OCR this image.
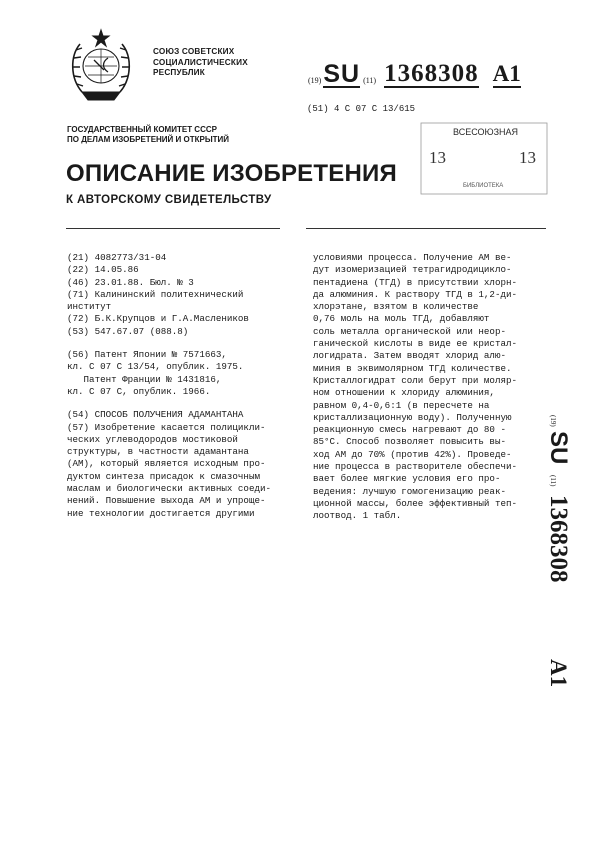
СОЮЗ СОВЕТСКИХ
СОЦИАЛИСТИЧЕСКИХ
РЕСПУБЛИК
(19) SU (11) 1368308 A1
(51) 4 С 07 С 13/615
ГОСУДАРСТВЕННЫЙ КОМИТЕТ СССР
ПО ДЕЛАМ ИЗОБРЕТЕНИЙ И ОТКРЫТИЙ
ВСЕСОЮЗНАЯ
13	13
БИБЛИОТЕКА
ОПИСАНИЕ ИЗОБРЕТЕНИЯ
К АВТОРСКОМУ СВИДЕТЕЛЬСТВУ

(21) 4082773/31-04

(22) 14.05.86

(46) 23.01.88. Бюл. № 3

(71) Калининский политехнический

институт

(72) Б.К.Крупцов и Г.А.Маслеников

(53) 547.67.07 (088.8)

(56) Патент Японии № 7571663,

кл. С 07 С 13/54, опублик. 1975.

Патент Франции № 1431816,

кл. С 07 С, опублик. 1966.

(54) СПОСОБ ПОЛУЧЕНИЯ АДАМАНТАНА

(57) Изобретение касается полицикли-

ческих углеводородов мостиковой

структуры, в частности адамантана

(АМ), который является исходным про-

дуктом синтеза присадок к смазочным

маслам и биологически активных соеди-

нений. Повышение выхода АМ и упроще-

ние технологии достигается другими

условиями процесса. Получение АМ ве-

дут изомеризацией тетрагидродицикло-

пентадиена (ТГД) в присутствии хлорн-

да алюминия. К раствору ТГД в 1,2-ди-

хлорэтане, взятом в количестве

0,76 моль на моль ТГД, добавляют

соль металла органической или неор-

ганической кислоты в виде ее кристал-

логидрата. Затем вводят хлорид алю-

миния в эквимолярном ТГД количестве.

Кристаллогидрат соли берут при моляр-

ном отношении к хлориду алюминия,

равном 0,4-0,6:1 (в пересчете на

кристаллизационную воду). Полученную

реакционную смесь нагревают до 80 -

85°С. Способ позволяет повысить вы-

ход АМ до 70% (против 42%). Проведе-

ние процесса в растворителе обеспечи-

вает более мягкие условия его про-

ведения: лучшую гомогенизацию реак-

ционной массы, более эффективный теп-

лоотвод. 1 табл.

(19)
SU
(11)
1368308
A1
